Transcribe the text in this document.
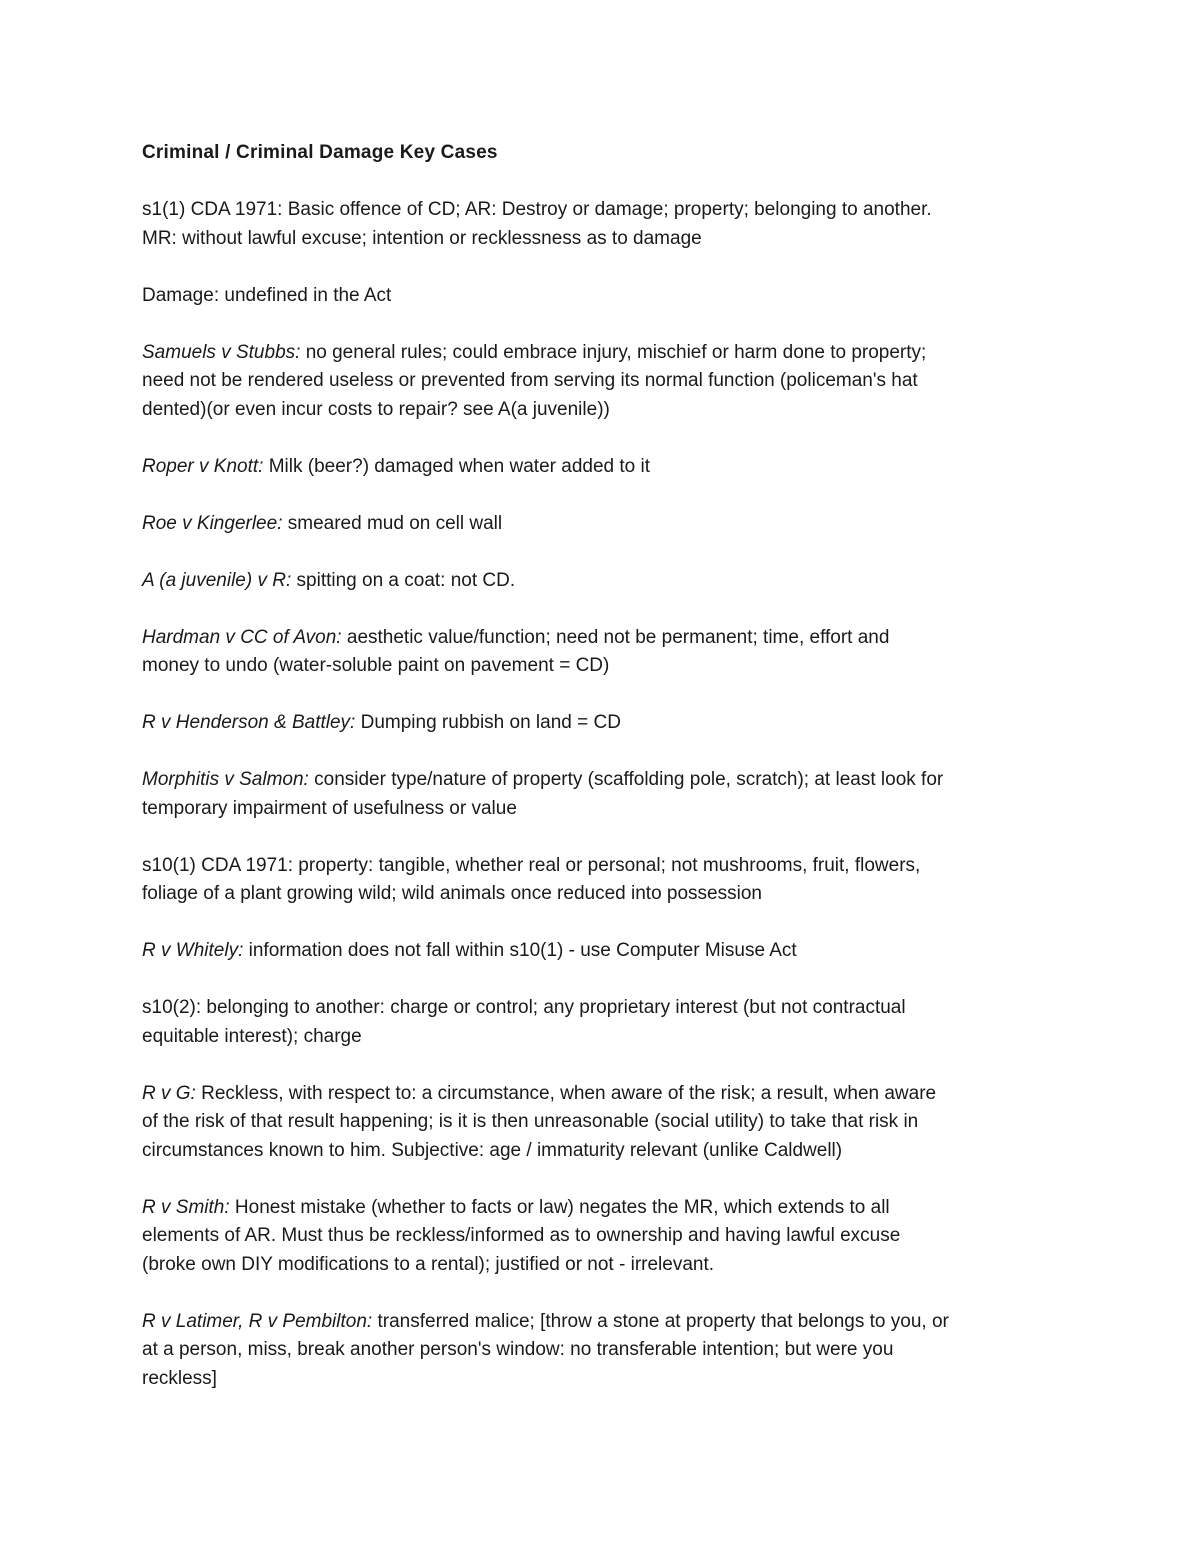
Criminal / Criminal Damage Key Cases
s1(1) CDA 1971: Basic offence of CD; AR: Destroy or damage; property; belonging to another.
MR: without lawful excuse; intention or recklessness as to damage
Damage: undefined in the Act
Samuels v Stubbs: no general rules; could embrace injury, mischief or harm done to property;
need not be rendered useless or prevented from serving its normal function (policeman's hat
dented)(or even incur costs to repair? see A(a juvenile))
Roper v Knott: Milk (beer?) damaged when water added to it
Roe v Kingerlee: smeared mud on cell wall
A (a juvenile) v R: spitting on a coat: not CD.
Hardman v CC of Avon: aesthetic value/function; need not be permanent; time, effort and
money to undo (water-soluble paint on pavement = CD)
R v Henderson & Battley: Dumping rubbish on land = CD
Morphitis v Salmon: consider type/nature of property (scaffolding pole, scratch); at least look for
temporary impairment of usefulness or value
s10(1) CDA 1971: property: tangible, whether real or personal; not mushrooms, fruit, flowers,
foliage of a plant growing wild; wild animals once reduced into possession
R v Whitely: information does not fall within s10(1) - use Computer Misuse Act
s10(2): belonging to another: charge or control; any proprietary interest (but not contractual
equitable interest); charge
R v G: Reckless, with respect to: a circumstance, when aware of the risk; a result, when aware
of the risk of that result happening; is it is then unreasonable (social utility) to take that risk in
circumstances known to him. Subjective: age / immaturity relevant (unlike Caldwell)
R v Smith: Honest mistake (whether to facts or law) negates the MR, which extends to all
elements of AR. Must thus be reckless/informed as to ownership and having lawful excuse
(broke own DIY modifications to a rental); justified or not - irrelevant.
R v Latimer, R v Pembilton: transferred malice; [throw a stone at property that belongs to you, or
at a person, miss, break another person's window: no transferable intention; but were you
reckless]
